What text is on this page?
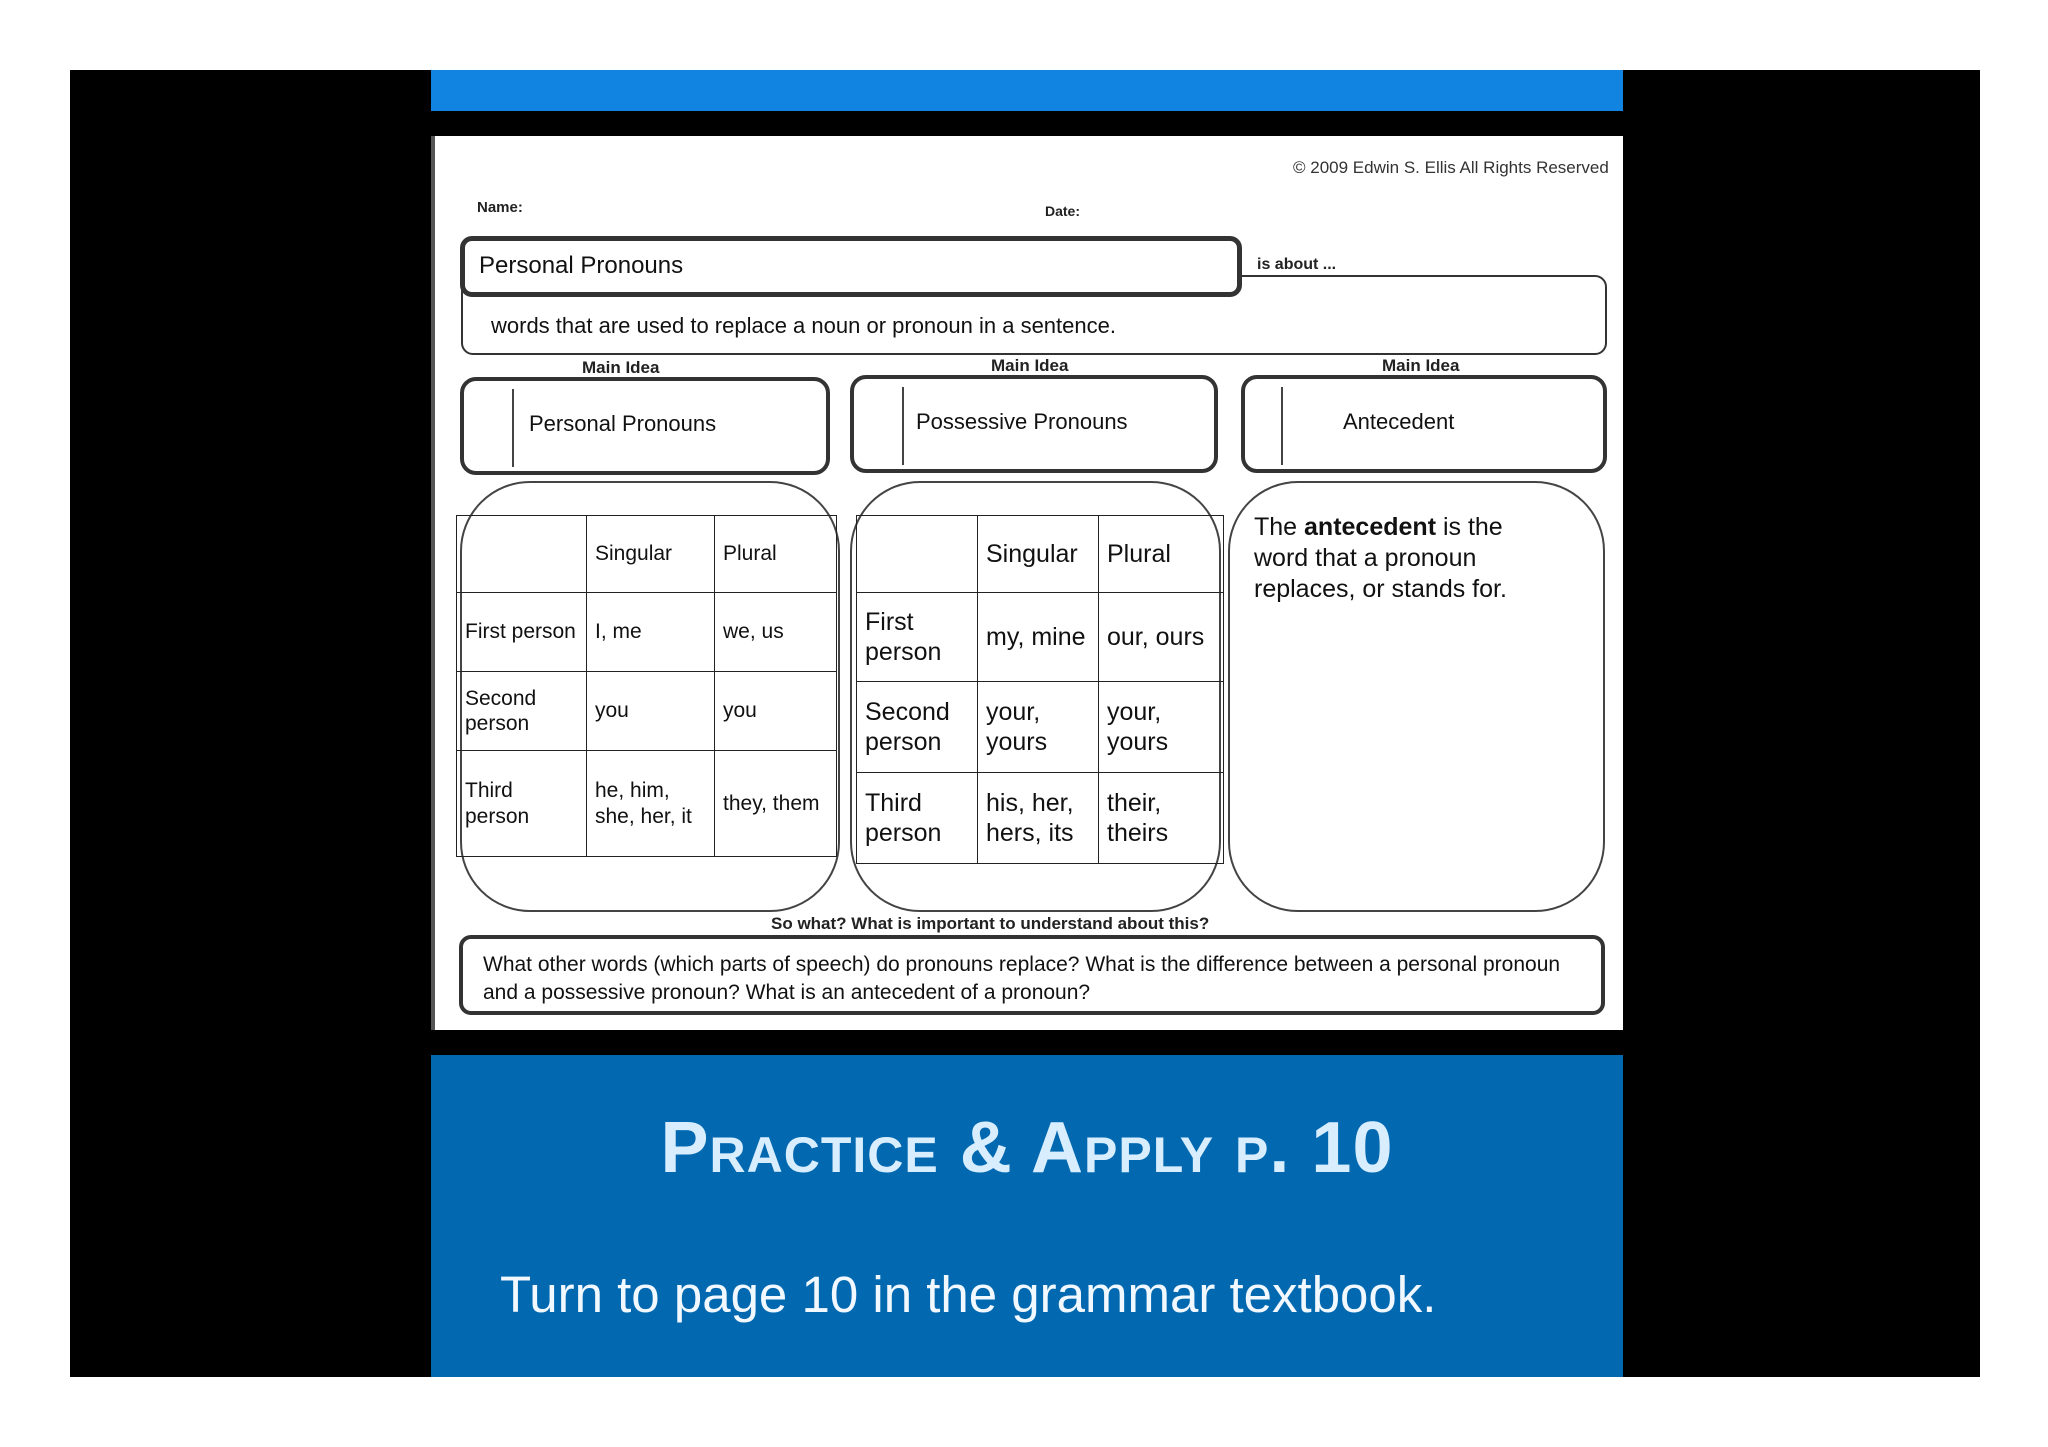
© 2009 Edwin S. Ellis All Rights Reserved
Name:	Date:
words that are used to replace a noun or pronoun in a sentence.
is about ...
Personal Pronouns
Main Idea	Main Idea	Main Idea
Personal Pronouns	Possessive Pronouns	Antecedent
The antecedent is the word that a pronoun replaces, or stands for.
	Singular	Plural
First person	I, me	we, us
Second person	you	you
Third person	he, him, she, her, it	they, them
	Singular	Plural
First person	my, mine	our, ours
Second person	your, yours	your, yours
Third person	his, her, hers, its	their, theirs
So what? What is important to understand about this?
What other words (which parts of speech) do pronouns replace? What is the difference between a personal pronoun and a possessive pronoun? What is an antecedent of a pronoun?
Practice & Apply p. 10
Turn to page 10 in the grammar textbook.
